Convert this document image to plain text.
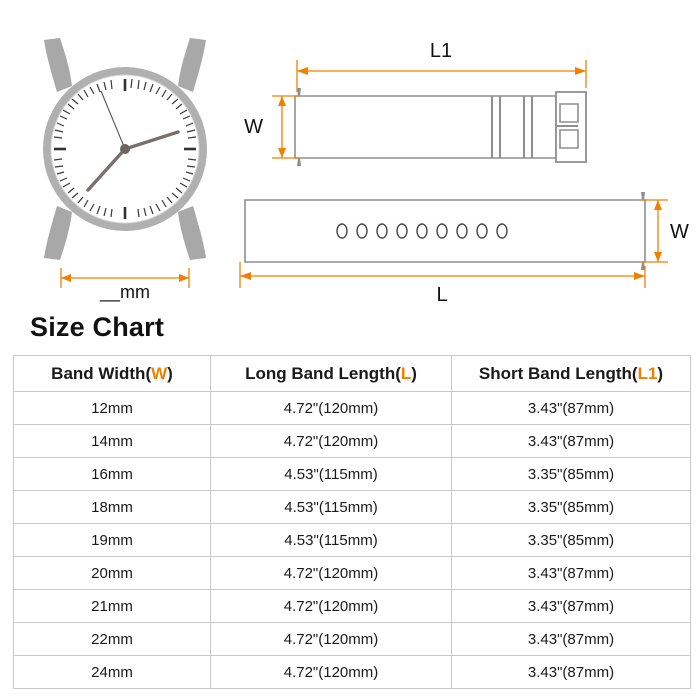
__mm
L1
W
L
W
Size Chart
Band Width(W)	Long Band Length(L)	Short Band Length(L1)
12mm	4.72"(120mm)	3.43"(87mm)
14mm	4.72"(120mm)	3.43"(87mm)
16mm	4.53"(115mm)	3.35"(85mm)
18mm	4.53"(115mm)	3.35"(85mm)
19mm	4.53"(115mm)	3.35"(85mm)
20mm	4.72"(120mm)	3.43"(87mm)
21mm	4.72"(120mm)	3.43"(87mm)
22mm	4.72"(120mm)	3.43"(87mm)
24mm	4.72"(120mm)	3.43"(87mm)
